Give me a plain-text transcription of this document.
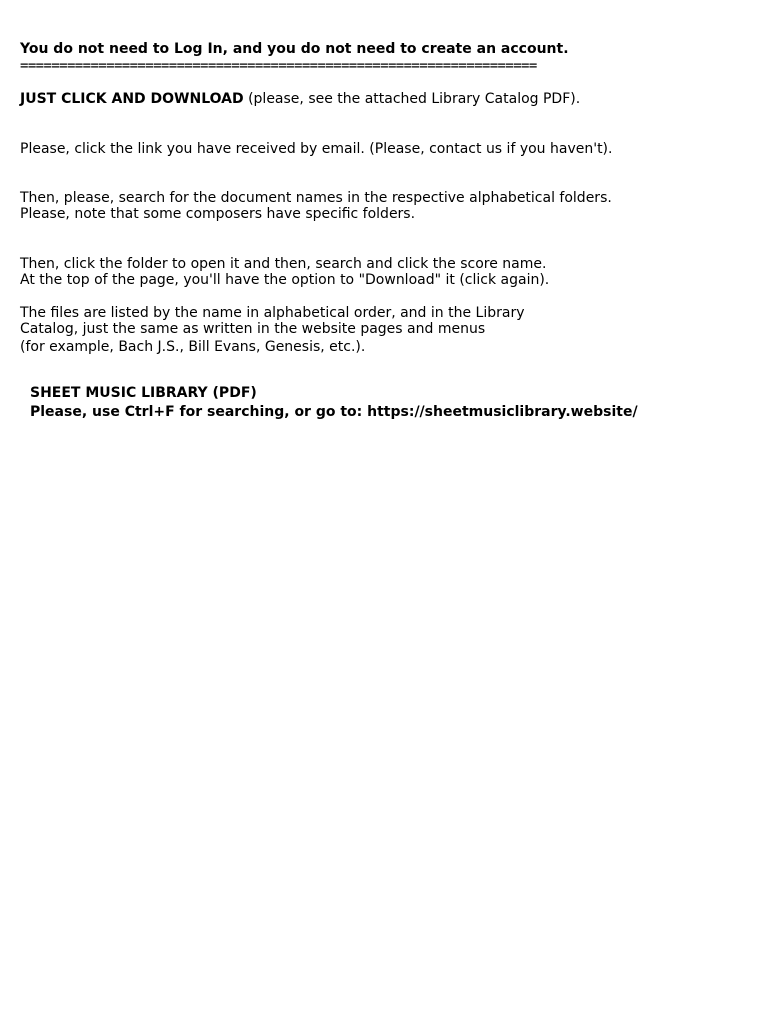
You do not need to Log In, and you do not need to create an account.
==================================================================
JUST CLICK AND DOWNLOAD (please, see the attached Library Catalog PDF).
Please, click the link you have received by email. (Please, contact us if you haven't).
Then, please, search for the document names in the respective alphabetical folders.
Please, note that some composers have specific folders.
Then, click the folder to open it and then, search and click the score name.
At the top of the page, you'll have the option to "Download" it (click again).
The files are listed by the name in alphabetical order, and in the Library
Catalog, just the same as written in the website pages and menus
(for example, Bach J.S., Bill Evans, Genesis, etc.).
SHEET MUSIC LIBRARY (PDF)
Please, use Ctrl+F for searching, or go to: https://sheetmusiclibrary.website/
